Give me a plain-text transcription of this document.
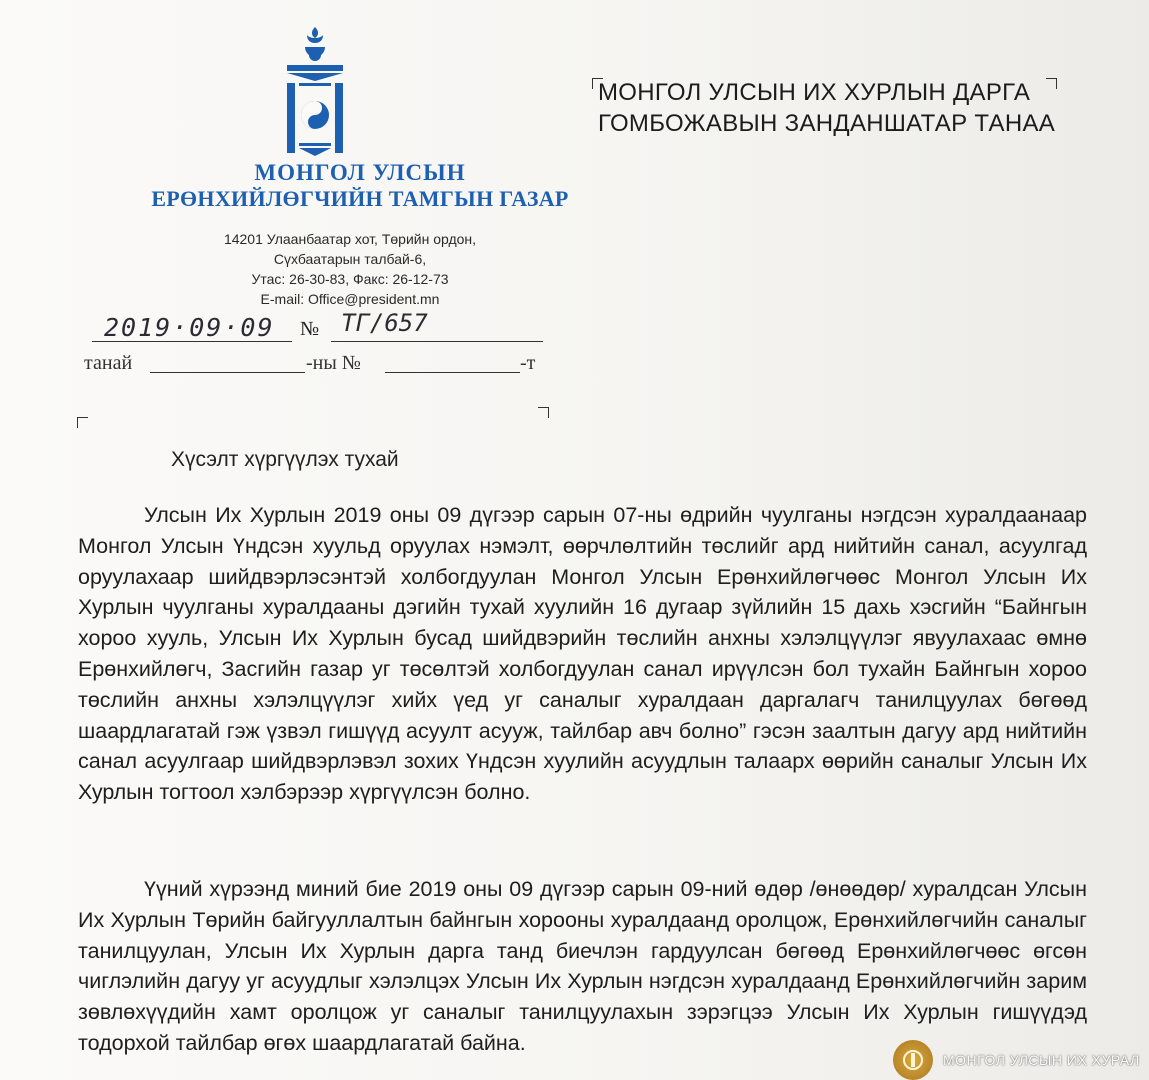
МОНГОЛ УЛСЫН
ЕРӨНХИЙЛӨГЧИЙН ТАМГЫН ГАЗАР
14201 Улаанбаатар хот, Төрийн ордон,
Сүхбаатарын талбай-6,
Утас: 26-30-83, Факс: 26-12-73
E-mail: Office@president.mn
2019·09·09 № ТГ/657
танай	-ны №	-т
МОНГОЛ УЛСЫН ИХ ХУРЛЫН ДАРГА
ГОМБОЖАВЫН ЗАНДАНШАТАР ТАНАА
Хүсэлт хүргүүлэх тухай
Улсын Их Хурлын 2019 оны 09 дүгээр сарын 07-ны өдрийн чуулганы нэгдсэн хуралдаанаар Монгол Улсын Үндсэн хуульд оруулах нэмэлт, өөрчлөлтийн төслийг ард нийтийн санал, асуулгад оруулахаар шийдвэрлэсэнтэй холбогдуулан Монгол Улсын Ерөнхийлөгчөөс Монгол Улсын Их Хурлын чуулганы хуралдааны дэгийн тухай хуулийн 16 дугаар зүйлийн 15 дахь хэсгийн “Байнгын хороо хууль, Улсын Их Хурлын бусад шийдвэрийн төслийн анхны хэлэлцүүлэг явуулахаас өмнө Ерөнхийлөгч, Засгийн газар уг төсөлтэй холбогдуулан санал ирүүлсэн бол тухайн Байнгын хороо төслийн анхны хэлэлцүүлэг хийх үед уг саналыг хуралдаан даргалагч танилцуулах бөгөөд шаардлагатай гэж үзвэл гишүүд асуулт асууж, тайлбар авч болно” гэсэн заалтын дагуу ард нийтийн санал асуулгаар шийдвэрлэвэл зохих Үндсэн хуулийн асуудлын талаарх өөрийн саналыг Улсын Их Хурлын тогтоол хэлбэрээр хүргүүлсэн болно.
Үүний хүрээнд миний бие 2019 оны 09 дүгээр сарын 09-ний өдөр /өнөөдөр/ хуралдсан Улсын Их Хурлын Төрийн байгууллалтын байнгын хорооны хуралдаанд оролцож, Ерөнхийлөгчийн саналыг танилцуулан, Улсын Их Хурлын дарга танд биечлэн гардуулсан бөгөөд Ерөнхийлөгчөөс өгсөн чиглэлийн дагуу уг асуудлыг хэлэлцэх Улсын Их Хурлын нэгдсэн хуралдаанд Ерөнхийлөгчийн зарим зөвлөхүүдийн хамт оролцож уг саналыг танилцуулахын зэрэгцээ Улсын Их Хурлын гишүүдэд тодорхой тайлбар өгөх шаардлагатай байна.
МОНГОЛ УЛСЫН ИХ ХУРАЛ
